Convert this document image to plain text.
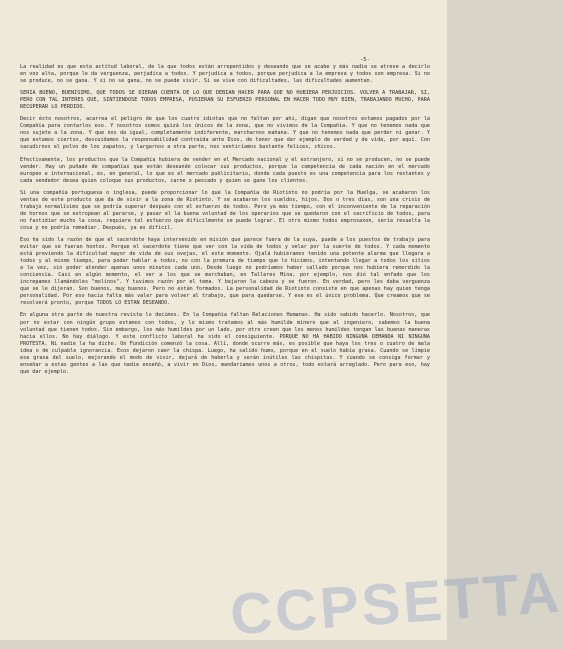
-5-

La realidad es que esta actitud laboral, de la que todos están arrepentidos y deseando que se acabe y más nadie se atreve a decirlo en voz alta, porque le da verguenza, perjudica a todos. Y perjudica a todos, porque perjudica a la empresa y todos son empresa. Si no se produce, no se gana. Y si no se gana, no se puede vivir. Si se vive con dificultades, las dificultades aumentan.

SERIA BUENO, BUENISIMO, QUE TODOS SE DIERAN CUENTA DE LO QUE DEBIAN HACER PARA QUE NO HUBIERA PERJUICIOS. VOLVER A TRABAJAR, SI, PERO CON TAL INTERES QUE, SINTIENDOSE TODOS EMPRESA, PUSIERAN SU ESFUERZO PERSONAL EN HACER TODO MUY BIEN, TRABAJANDO MUCHO, PARA RECUPERAR LO PERDIDO.

Decir ésto nosotros, acarrea el peligro de que los cuatro idiotas que no faltan por ahí, digan que nosotros estamos pagados por la Compañía para contarlos eso. Y nosotros somos quizá los únicos de la zona, que no vivimos de la Compañía. Y que no tenemos nada que nos sujete a la zona. Y que nos da igual, completamente indiferente, marcharnos mañana. Y que no tenemos nada que perder ni ganar. Y que estamos ciertos, descuidamos la responsabilidad contraída ante Dios, de tener que dar ejemplo de verdad y de vida, por aquí. Con sacudirnos el polvo de los zapatos, y largarnos a otra parte, nos sentiríamos bastante felices, chicos.

Efectivamente, los productos que la Compañía hubiera de vender en el Mercado nacional y el extranjero, si no se producen, no se puede vender. Hay un puñado de compañías que están deseando colocar sus productos, porque la competencia de cada nación en el mercado europeo e internacional, es, en general, lo que es el mercado publicitario, donde cada puesto es una competencia para los restantes y cada vendedor desea quien coloque sus productos, carne o pescado y quien se gane los clientes.

Si una compañía portuguesa o inglesa, puede proporcionar lo que la Compañía de Riotinto no podría por la Huelga, se acabaron los ventas de este producto que da de vivir a la zona de Riotinto. Y se acabaron los sueldos, hijos. Dos o tres días, son una crisis de trabajo normalísimo que se podría superar después con el esfuerzo de todos. Pero ya más tiempo, con el inconveniente de la reparación de hornos que se estropean al pararse, y pasar el la buena voluntad de los operarios que se quedaron con el sacrificio de todos, para no fastidiar mucho la cosa, requiere tal esfuerzo que difícilmente se puede lograr. El otro mismo todos emprosaxon, sería resuelta la cosa y no podría remediar. Después, ya es difícil.

Eso ha sido la razón de que el sacerdote haya intervenido en misión que parece fuera de la suya, puede a los puestos de trabajo para evitar que se fueran hontos. Porque el sacerdote tiene que ver con la vida de todos y velar por la suerte de todos. Y cada momento está previendo la dificultad mayor de vida de sus ovejas, el este momento. Ojalá hubiéramos tenido una potente alarma que llegara a todos y al mismo tiempo, para poder hablar a todos, no con la premura de tiempo que lo hicimos, intentando llegar a todos los sitios a la vez, sin poder atender apenas unos minutos cada uno. Desde luego no podríamos haber callado porque nos hubiera remordido la conciencia. Casi en algún momento, el ver a los que se marchaban, en Talleres Mina, por ejemplo, nos dió tal enfado que los increpamos llamándoles "molinos". Y tuvimos razón por el tema. Y bajaron la cabeza y se fueron. En verdad, pero les daba verguenza que se le dijeran. Son buenos, muy buenos. Pero no están formados. La personalidad de Riotinto consiste en que apenas hay quien tenga personalidad. Por eso hacía falta más valer para volver al trabajo, que para quedarse. Y ese es el único problema. Que creamos que se resolverá pronto, porque TODOS LO ESTAN DESEANDO.

En alguna otra parte de nuestra revista lo decimos. En la Compañía faltan Relaciones Humanas. Ha sido sabido hacerlo. Nosotros, que por no estar con ningún grupo estamos con todos, y lo mismo tratamos al más humilde minero que al ingeniero, sabemos la buena voluntad que tienen todos. Sin embargo, los más humildes por un lado, por otro creen que los menos humildes tengan las buenas maneras hacia ellos. No hay diálogo. Y este conflicto laboral ha sido el consiguiente. PORQUE NO HA HABIDO NINGUNA DEMANDA NI NINGUNA PROTESTA. Ni nadie la ha dicho. Un Fundición comenzó la cosa. Allí, donde ocurre más, es posible que haya los tres o cuatro de mala idea o de culpable ignorancia. Esos dejaron caer la chispa. Luego, ha salido humo, porque en el suelo había grasa. Cuando se limpie esa grasa del suelo, mejorando el modo de vivir, dejará de haberla y serán inútiles las chispitas. Y cuando se consiga formar y enseñar a estas gentes a las que nadie enseñó, a vivir en Dios, mandaríamos unos a otros, todo estará arreglado. Pero para eso, hay que dar ejemplo.

CCPSETTA
